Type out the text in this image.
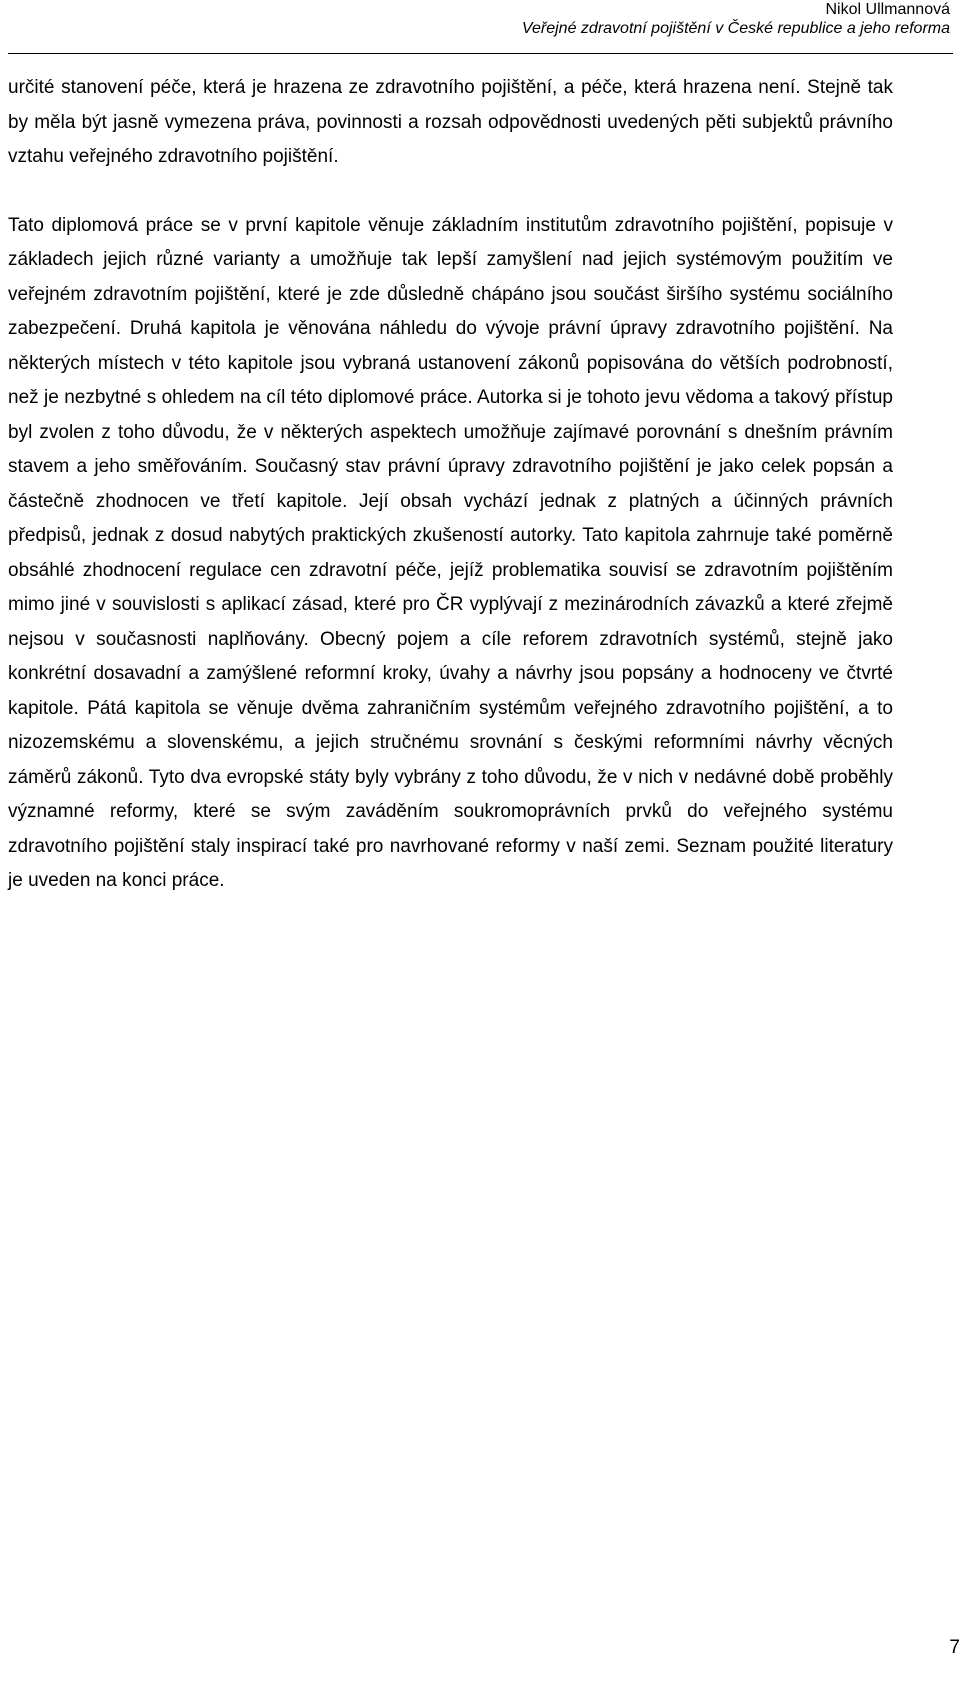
Nikol Ullmannová
Veřejné zdravotní pojištění v České republice a jeho reforma

určité stanovení péče, která je hrazena ze zdravotního pojištění, a péče, která hrazena není. Stejně tak by měla být jasně vymezena práva, povinnosti a rozsah odpovědnosti uvedených pěti subjektů právního vztahu veřejného zdravotního pojištění.

Tato diplomová práce se v první kapitole věnuje základním institutům zdravotního pojištění, popisuje v základech jejich různé varianty a umožňuje tak lepší zamyšlení nad jejich systémovým použitím ve veřejném zdravotním pojištění, které je zde důsledně chápáno jsou součást širšího systému sociálního zabezpečení. Druhá kapitola je věnována náhledu do vývoje právní úpravy zdravotního pojištění. Na některých místech v této kapitole jsou vybraná ustanovení zákonů popisována do větších podrobností, než je nezbytné s ohledem na cíl této diplomové práce. Autorka si je tohoto jevu vědoma a takový přístup byl zvolen z toho důvodu, že v některých aspektech umožňuje zajímavé porovnání s dnešním právním stavem a jeho směřováním. Současný stav právní úpravy zdravotního pojištění je jako celek popsán a částečně zhodnocen ve třetí kapitole. Její obsah vychází jednak z platných a účinných právních předpisů, jednak z dosud nabytých praktických zkušeností autorky. Tato kapitola zahrnuje také poměrně obsáhlé zhodnocení regulace cen zdravotní péče, jejíž problematika souvisí se zdravotním pojištěním mimo jiné v souvislosti s aplikací zásad, které pro ČR vyplývají z mezinárodních závazků a které zřejmě nejsou v současnosti naplňovány. Obecný pojem a cíle reforem zdravotních systémů, stejně jako konkrétní dosavadní a zamýšlené reformní kroky, úvahy a návrhy jsou popsány a hodnoceny ve čtvrté kapitole. Pátá kapitola se věnuje dvěma zahraničním systémům veřejného zdravotního pojištění, a to nizozemskému a slovenskému, a jejich stručnému srovnání s českými reformními návrhy věcných záměrů zákonů. Tyto dva evropské státy byly vybrány z toho důvodu, že v nich v nedávné době proběhly významné reformy, které se svým zaváděním soukromoprávních prvků do veřejného systému zdravotního pojištění staly inspirací také pro navrhované reformy v naší zemi. Seznam použité literatury je uveden na konci práce.

7
